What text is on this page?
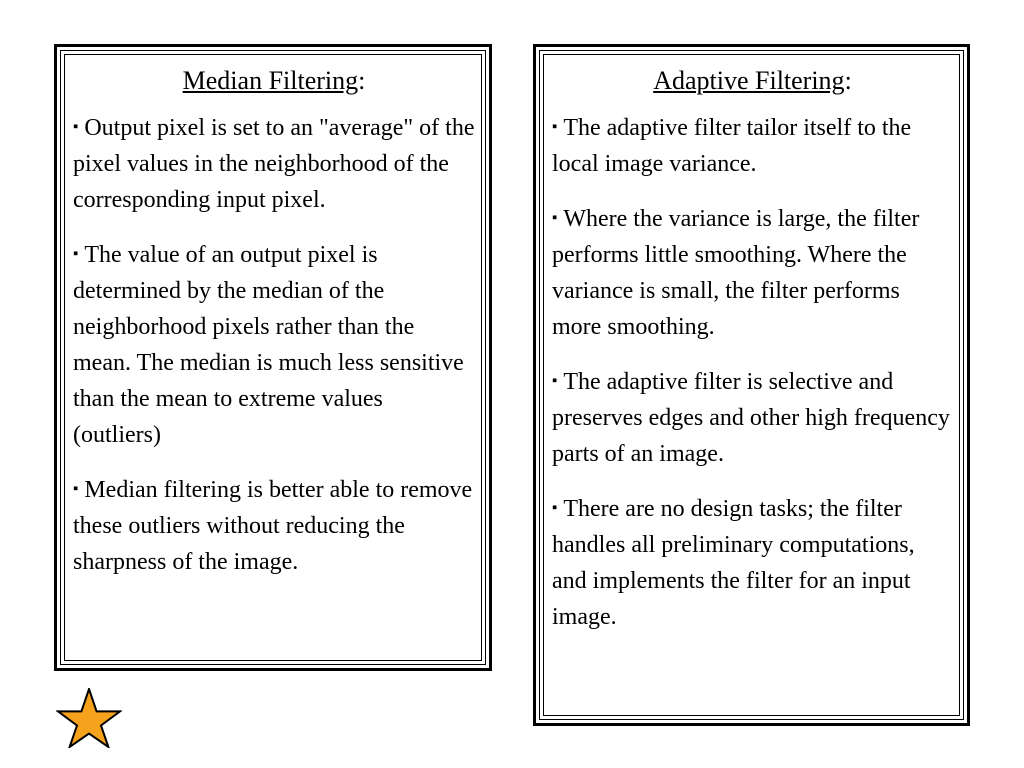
Median Filtering:

▪ Output pixel is set to an "average" of the pixel values in the neighborhood of the corresponding input pixel.

▪ The value of an output pixel is determined by the median of the neighborhood pixels rather than the mean. The median is much less sensitive than the mean to extreme values (outliers)

▪ Median filtering is better able to remove these outliers without reducing the sharpness of the image.

Adaptive Filtering:

▪ The adaptive filter tailor itself to the local image variance.

▪ Where the variance is large, the filter performs little smoothing. Where the variance is small, the filter performs more smoothing.

▪ The adaptive filter is selective and preserves edges and other high frequency parts of an image.

▪ There are no design tasks; the filter handles all preliminary computations, and implements the filter for an input image.
